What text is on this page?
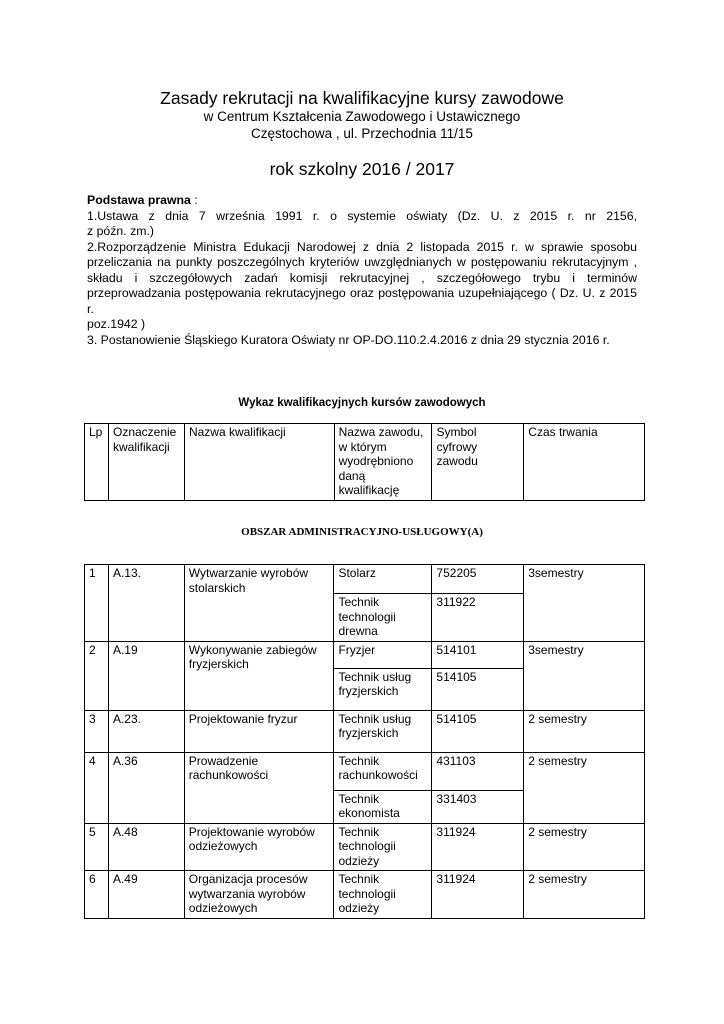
Zasady rekrutacji na kwalifikacyjne kursy zawodowe
w Centrum Kształcenia Zawodowego i Ustawicznego
Częstochowa , ul. Przechodnia 11/15
rok szkolny 2016 / 2017

Podstawa prawna :

1.Ustawa z dnia 7 września 1991 r. o systemie oświaty (Dz. U. z 2015 r. nr 2156,

z późn. zm.)

2.Rozporządzenie Ministra Edukacji Narodowej z dnia 2 listopada 2015 r. w sprawie sposobu

przeliczania na punkty poszczególnych kryteriów uwzględnianych w postępowaniu rekrutacyjnym ,

składu i szczegółowych zadań komisji rekrutacyjnej , szczegółowego trybu i terminów

przeprowadzania postępowania rekrutacyjnego oraz postępowania uzupełniającego ( Dz. U. z 2015 r.

poz.1942 )

3. Postanowienie Śląskiego Kuratora Oświaty nr OP-DO.110.2.4.2016 z dnia 29 stycznia 2016 r.

Wykaz kwalifikacyjnych kursów zawodowych
Lp	Oznaczenie kwalifikacji	Nazwa kwalifikacji	Nazwa zawodu, w którym wyodrębniono daną kwalifikację	Symbol cyfrowy zawodu	Czas trwania
OBSZAR ADMINISTRACYJNO-USŁUGOWY(A)
1	A.13.	Wytwarzanie wyrobów stolarskich	Stolarz	752205	3semestry
			Technik technologii drewna	311922	
2	A.19	Wykonywanie zabiegów fryzjerskich	Fryzjer	514101	3semestry
			Technik usług fryzjerskich	514105	
3	A.23.	Projektowanie fryzur	Technik usług fryzjerskich	514105	2 semestry
4	A.36	Prowadzenie rachunkowości	Technik rachunkowości	431103	2 semestry
			Technik ekonomista	331403	
5	A.48	Projektowanie wyrobów odzieżowych	Technik technologii odzieży	311924	2 semestry
6	A.49	Organizacja procesów wytwarzania wyrobów odzieżowych	Technik technologii odzieży	311924	2 semestry
